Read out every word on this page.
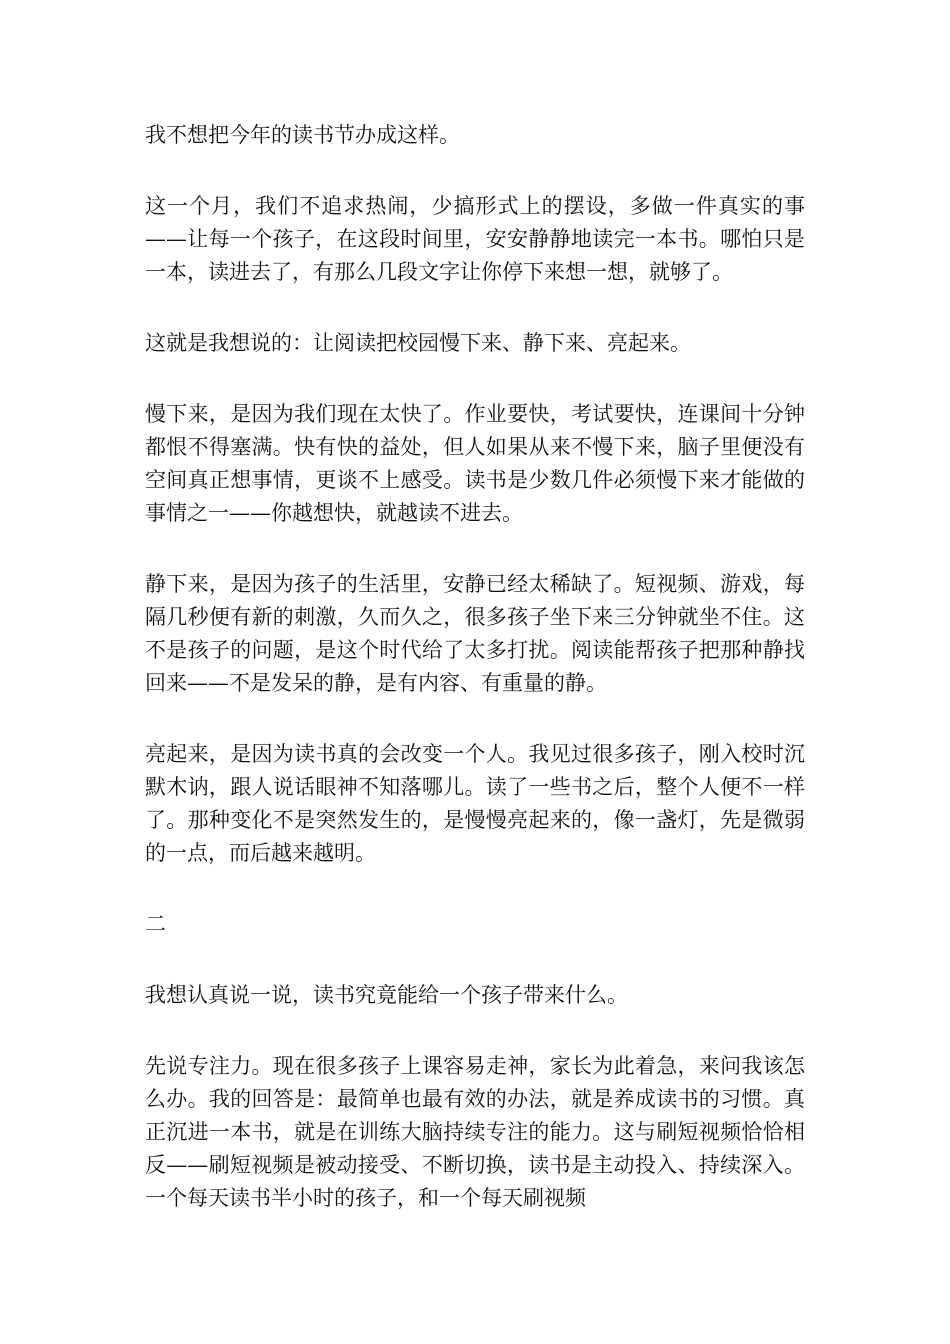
我不想把今年的读书节办成这样。

这一个月，我们不追求热闹，少搞形式上的摆设，多做一件真实的事——让每一个孩子，在这段时间里，安安静静地读完一本书。哪怕只是一本，读进去了，有那么几段文字让你停下来想一想，就够了。

这就是我想说的：让阅读把校园慢下来、静下来、亮起来。

慢下来，是因为我们现在太快了。作业要快，考试要快，连课间十分钟都恨不得塞满。快有快的益处，但人如果从来不慢下来，脑子里便没有空间真正想事情，更谈不上感受。读书是少数几件必须慢下来才能做的事情之一——你越想快，就越读不进去。

静下来，是因为孩子的生活里，安静已经太稀缺了。短视频、游戏，每隔几秒便有新的刺激，久而久之，很多孩子坐下来三分钟就坐不住。这不是孩子的问题，是这个时代给了太多打扰。阅读能帮孩子把那种静找回来——不是发呆的静，是有内容、有重量的静。

亮起来，是因为读书真的会改变一个人。我见过很多孩子，刚入校时沉默木讷，跟人说话眼神不知落哪儿。读了一些书之后，整个人便不一样了。那种变化不是突然发生的，是慢慢亮起来的，像一盏灯，先是微弱的一点，而后越来越明。

二

我想认真说一说，读书究竟能给一个孩子带来什么。

先说专注力。现在很多孩子上课容易走神，家长为此着急，来问我该怎么办。我的回答是：最简单也最有效的办法，就是养成读书的习惯。真正沉进一本书，就是在训练大脑持续专注的能力。这与刷短视频恰恰相反——刷短视频是被动接受、不断切换，读书是主动投入、持续深入。一个每天读书半小时的孩子，和一个每天刷视频
